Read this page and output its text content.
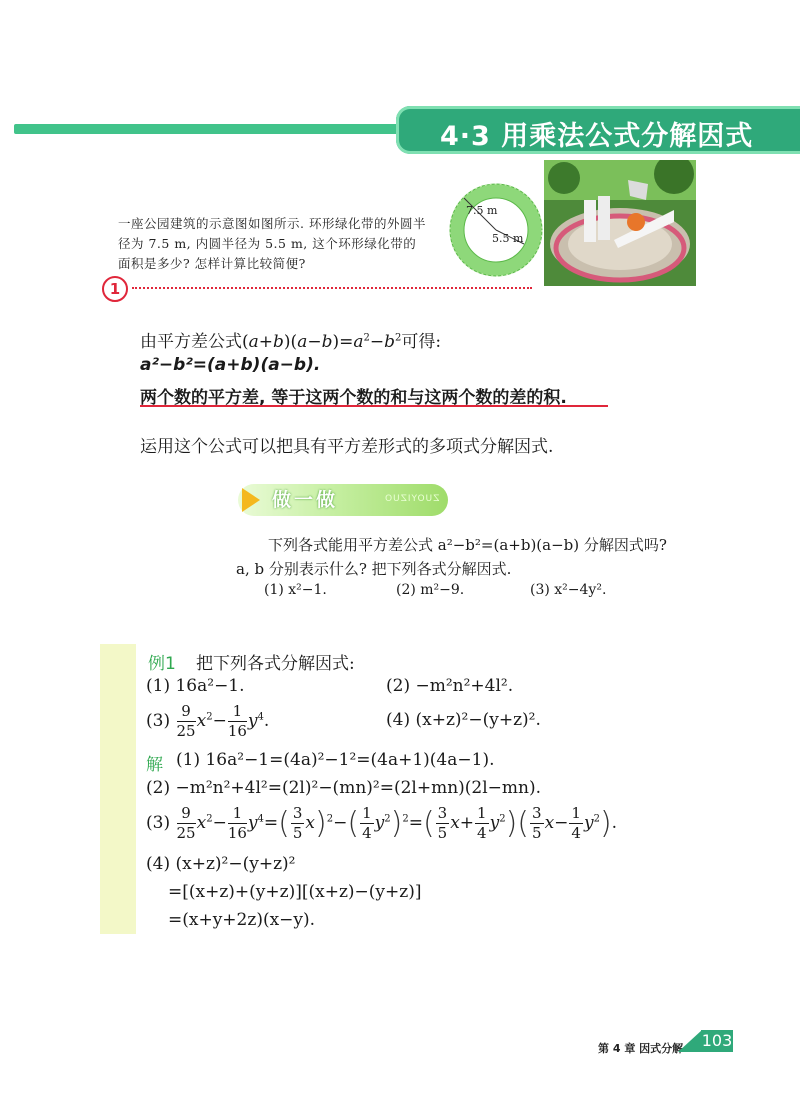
4·3 用乘法公式分解因式
7.5 m
5.5 m
一座公园建筑的示意图如图所示. 环形绿化带的外圆半径为 7.5 m, 内圆半径为 5.5 m, 这个环形绿化带的面积是多少? 怎样计算比较简便?
1
由平方差公式$(a+b)(a-b)=a^2-b^2$可得:
a²−b²=(a+b)(a−b).
两个数的平方差, 等于这两个数的和与这两个数的差的积.
运用这个公式可以把具有平方差形式的多项式分解因式.
做一做	ZUOYIZUO
下列各式能用平方差公式 a²−b²=(a+b)(a−b) 分解因式吗?
a, b 分别表示什么? 把下列各式分解因式.
(1) x²−1.	(2) m²−9.	(3) x²−4y².
例1 把下列各式分解因式:
(1) 16a²−1.	(2) −m²n²+4l².
$(3) \frac{9}{25} x^2- \frac{1}{16} y^4$.	(4) (x+z)²−(y+z)².
解 (1) 16a²−1=(4a)²−1²=(4a+1)(4a−1).
(2) −m²n²+4l²=(2l)²−(mn)²=(2l+mn)(2l−mn).
$(3) \frac{9}{25} x^2- \frac{1}{16} y^4=( \frac{3}{5} x)^2-( \frac{1}{4} y^2)^2=( \frac{3}{5} x+ \frac{1}{4} y^2)( \frac{3}{5} x- \frac{1}{4} y^2)$.
(4) (x+z)²−(y+z)²
=[(x+z)+(y+z)][(x+z)−(y+z)]
=(x+y+2z)(x−y).
第 4 章 因式分解 103
